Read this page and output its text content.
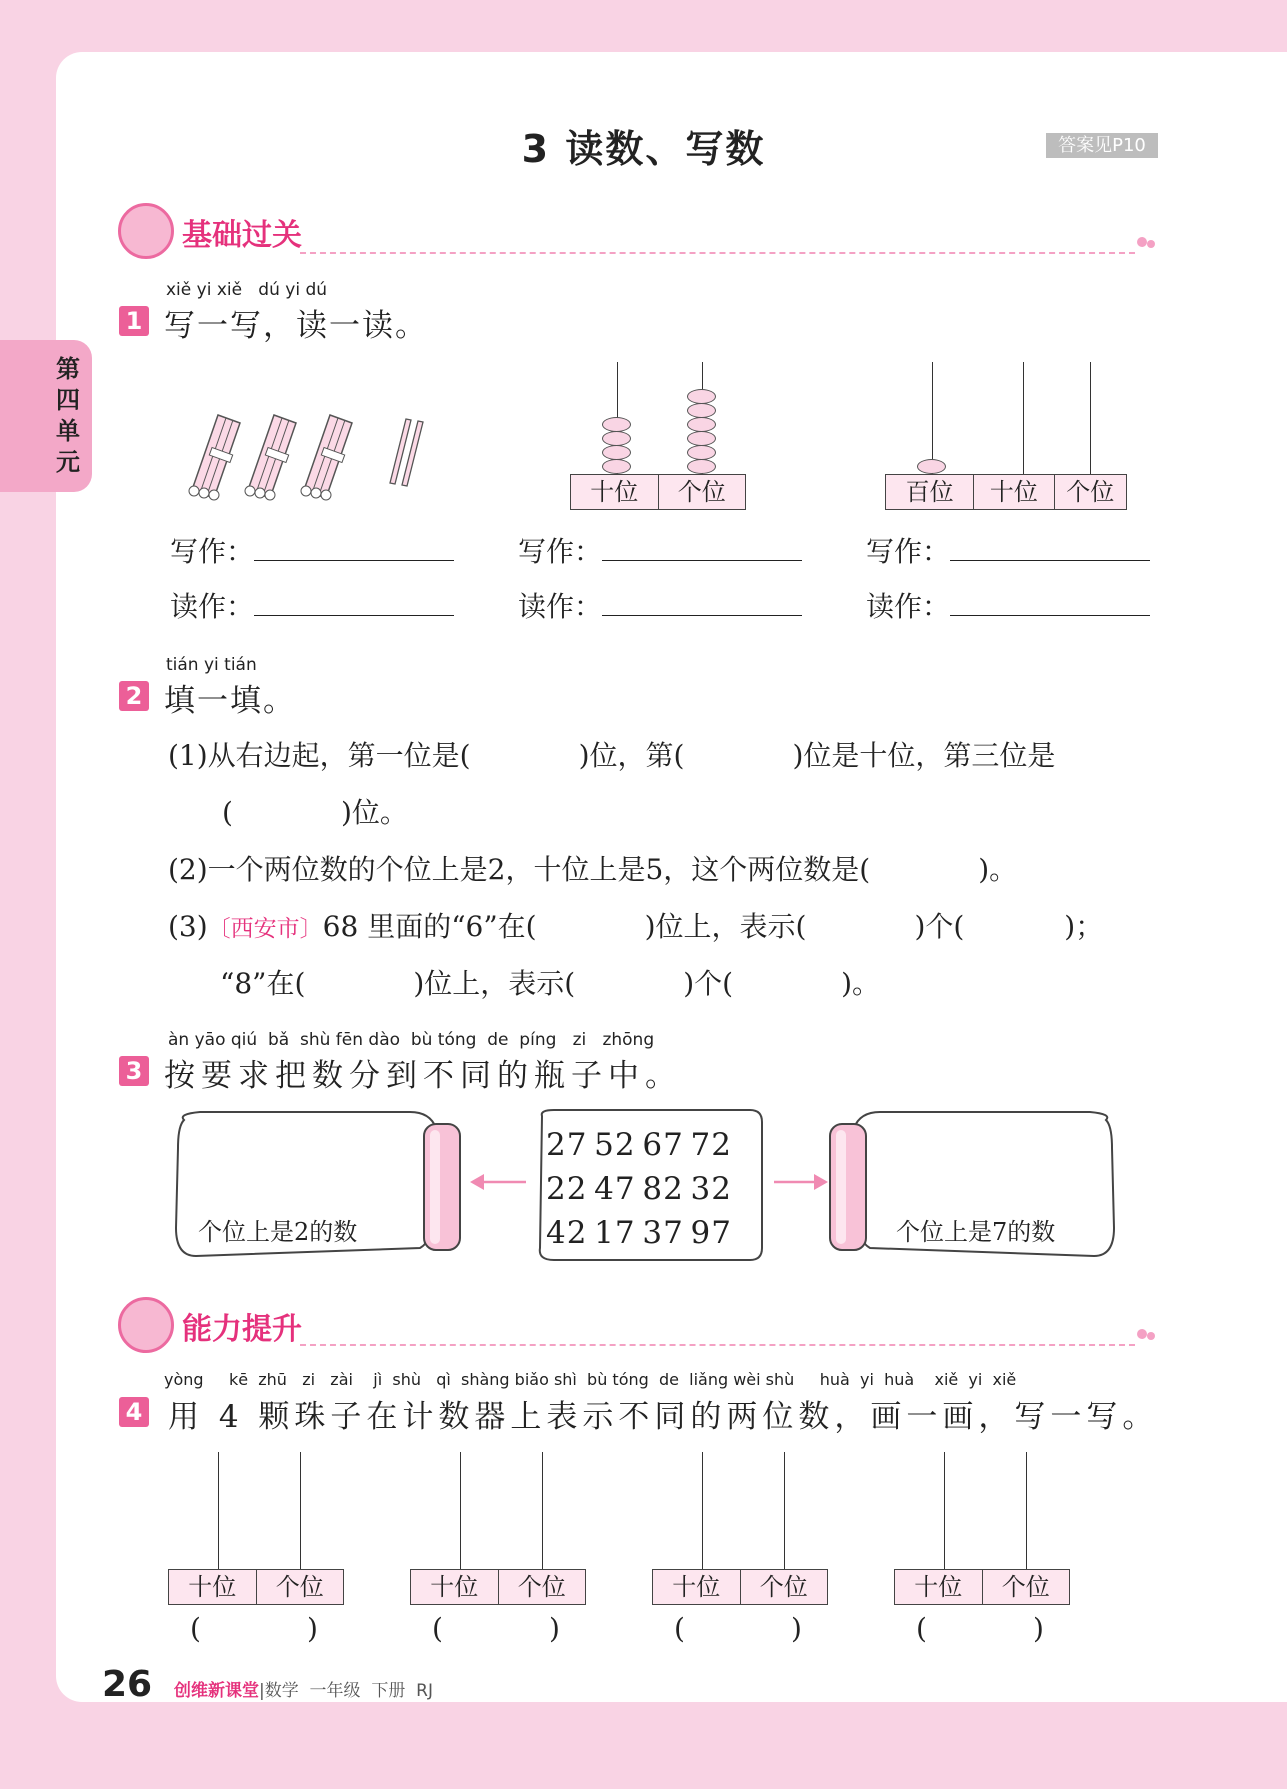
第四单元
3 读数、写数	答案见P10
基础过关
xiě yi xiě   dú yi dú
1 写一写，读一读。
十位	个位	百位	十位	个位
写作：
读作：
写作：
读作：
写作：
读作：
tián yi tián
2 填一填。
(1)从右边起，第一位是(	)位，第(	)位是十位，第三位是
(	)位。
(2)一个两位数的个位上是2，十位上是5，这个两位数是(	)。
(3)〔西安市〕68 里面的“6”在(	)位上，表示(	)个(	)；
“8”在(	)位上，表示(	)个(	)。
àn yāo qiú  bǎ  shù fēn dào  bù tóng  de  píng   zi   zhōng
3 按要求把数分到不同的瓶子中。
27 52 67 72
22 47 82 32
42 17 37 97
个位上是2的数	个位上是7的数
能力提升
yòng     kē  zhū   zi   zài    jì  shù   qì  shàng biǎo shì  bù tóng  de  liǎng wèi shù     huà  yi  huà    xiě  yi  xiě
4 用 4 颗珠子在计数器上表示不同的两位数，画一画，写一写。
十位	个位
(	)
十位	个位
(	)
十位	个位
(	)
十位	个位
(	)
26 创维新课堂|数学  一年级  下册  RJ
